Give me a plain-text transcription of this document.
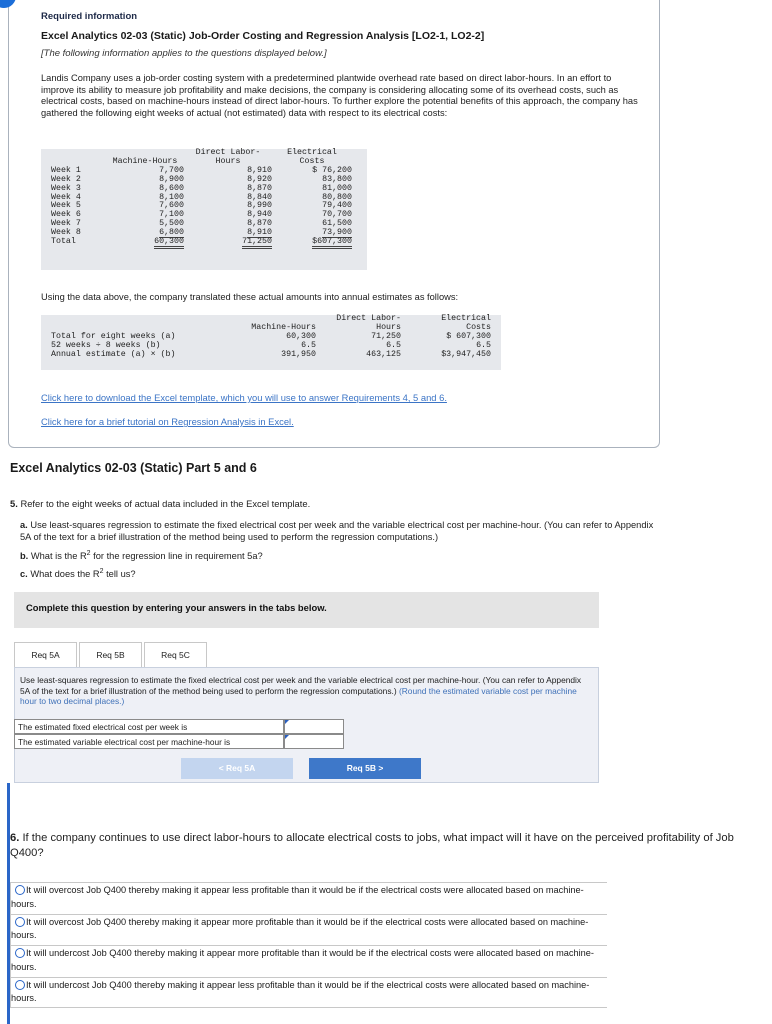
Required information
Excel Analytics 02-03 (Static) Job-Order Costing and Regression Analysis [LO2-1, LO2-2]
[The following information applies to the questions displayed below.]
Landis Company uses a job-order costing system with a predetermined plantwide overhead rate based on direct labor-hours. In an effort to improve its ability to measure job profitability and make decisions, the company is considering allocating some of its overhead costs, such as electrical costs, based on machine-hours instead of direct labor-hours. To further explore the potential benefits of this approach, the company has gathered the following eight weeks of actual (not estimated) data with respect to its electrical costs:
		Direct Labor-	Electrical	
	Machine-Hours	Hours	Costs	
Week 1	7,700	8,910	$ 76,200	
Week 2	8,900	8,920	83,800	
Week 3	8,600	8,870	81,000	
Week 4	8,100	8,840	80,800	
Week 5	7,600	8,990	79,400	
Week 6	7,100	8,940	70,700	
Week 7	5,500	8,870	61,500	
Week 8	6,800	8,910	73,900	
Total	60,300	71,250	$607,300	
Using the data above, the company translated these actual amounts into annual estimates as follows:
		Direct Labor-	Electrical	
	Machine-Hours	Hours	Costs	
Total for eight weeks (a)	60,300	71,250	$ 607,300	
52 weeks ÷ 8 weeks (b)	6.5	6.5	6.5	
Annual estimate (a) × (b)	391,950	463,125	$3,947,450	
Click here to download the Excel template, which you will use to answer Requirements 4, 5 and 6.
Click here for a brief tutorial on Regression Analysis in Excel.
Excel Analytics 02-03 (Static) Part 5 and 6
5. Refer to the eight weeks of actual data included in the Excel template.
a. Use least-squares regression to estimate the fixed electrical cost per week and the variable electrical cost per machine-hour. (You can refer to Appendix 5A of the text for a brief illustration of the method being used to perform the regression computations.)
b. What is the $R^2$ for the regression line in requirement 5a?
c. What does the $R^2$ tell us?
Complete this question by entering your answers in the tabs below.
Req 5A	Req 5B	Req 5C
Use least-squares regression to estimate the fixed electrical cost per week and the variable electrical cost per machine-hour. (You can refer to Appendix 5A of the text for a brief illustration of the method being used to perform the regression computations.) (Round the estimated variable cost per machine hour to two decimal places.)
The estimated fixed electrical cost per week is
The estimated variable electrical cost per machine-hour is
< Req 5A	Req 5B >
6. If the company continues to use direct labor-hours to allocate electrical costs to jobs, what impact will it have on the perceived profitability of Job Q400?
It will overcost Job Q400 thereby making it appear less profitable than it would be if the electrical costs were allocated based on machine-hours.
It will overcost Job Q400 thereby making it appear more profitable than it would be if the electrical costs were allocated based on machine-hours.
It will undercost Job Q400 thereby making it appear more profitable than it would be if the electrical costs were allocated based on machine-hours.
It will undercost Job Q400 thereby making it appear less profitable than it would be if the electrical costs were allocated based on machine-hours.
